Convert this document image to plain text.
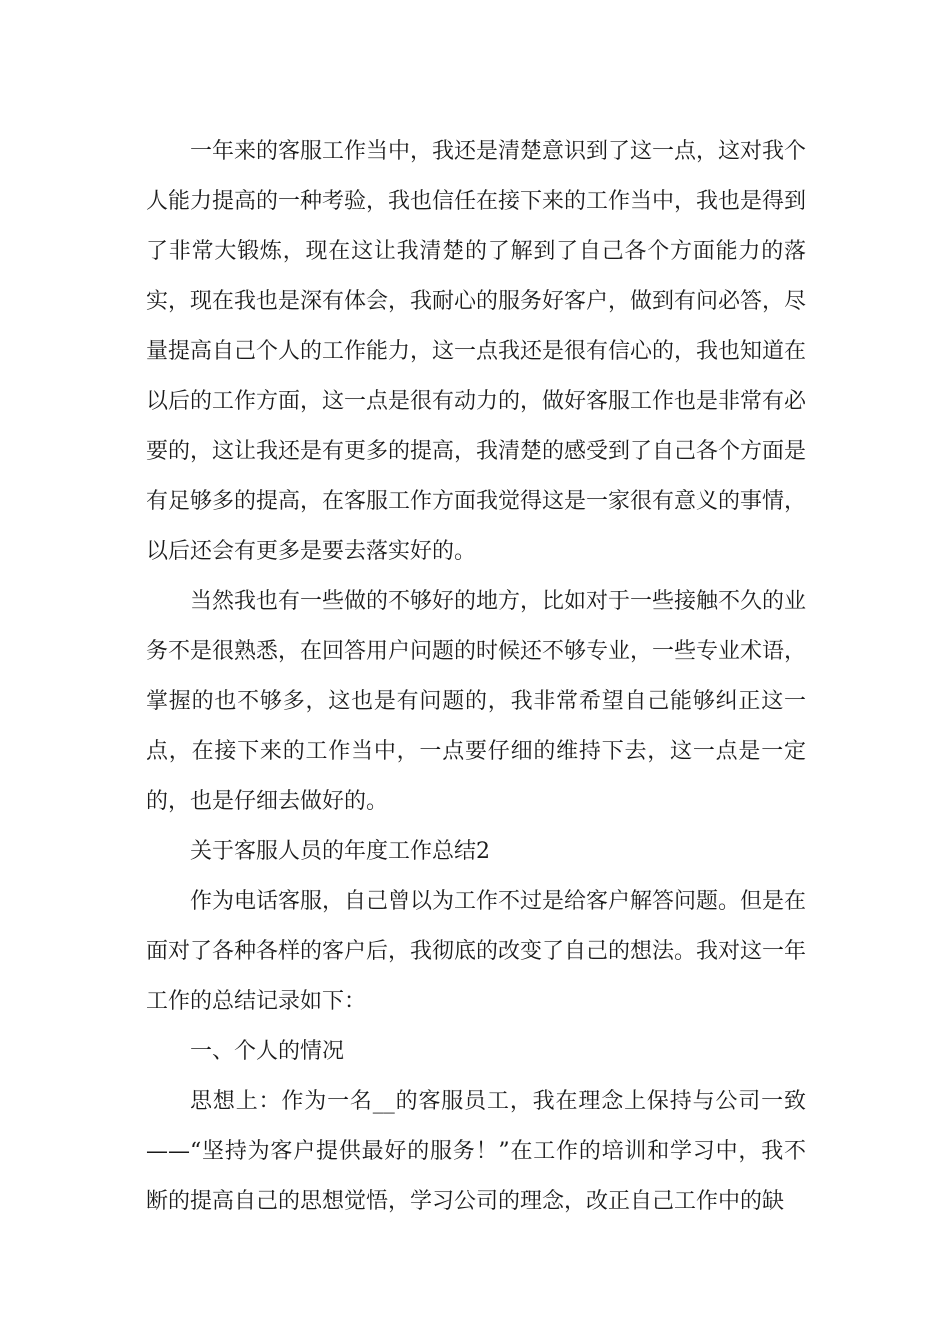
一年来的客服工作当中，我还是清楚意识到了这一点，这对我个人能力提高的一种考验，我也信任在接下来的工作当中，我也是得到了非常大锻炼，现在这让我清楚的了解到了自己各个方面能力的落实，现在我也是深有体会，我耐心的服务好客户，做到有问必答，尽量提高自己个人的工作能力，这一点我还是很有信心的，我也知道在以后的工作方面，这一点是很有动力的，做好客服工作也是非常有必要的，这让我还是有更多的提高，我清楚的感受到了自己各个方面是有足够多的提高，在客服工作方面我觉得这是一家很有意义的事情，以后还会有更多是要去落实好的。

当然我也有一些做的不够好的地方，比如对于一些接触不久的业务不是很熟悉，在回答用户问题的时候还不够专业，一些专业术语，掌握的也不够多，这也是有问题的，我非常希望自己能够纠正这一点，在接下来的工作当中，一点要仔细的维持下去，这一点是一定的，也是仔细去做好的。

关于客服人员的年度工作总结2

作为电话客服，自己曾以为工作不过是给客户解答问题。但是在面对了各种各样的客户后，我彻底的改变了自己的想法。我对这一年工作的总结记录如下：

一、个人的情况

思想上：作为一名__的客服员工，我在理念上保持与公司一致——“坚持为客户提供最好的服务！”在工作的培训和学习中，我不断的提高自己的思想觉悟，学习公司的理念，改正自己工作中的缺
